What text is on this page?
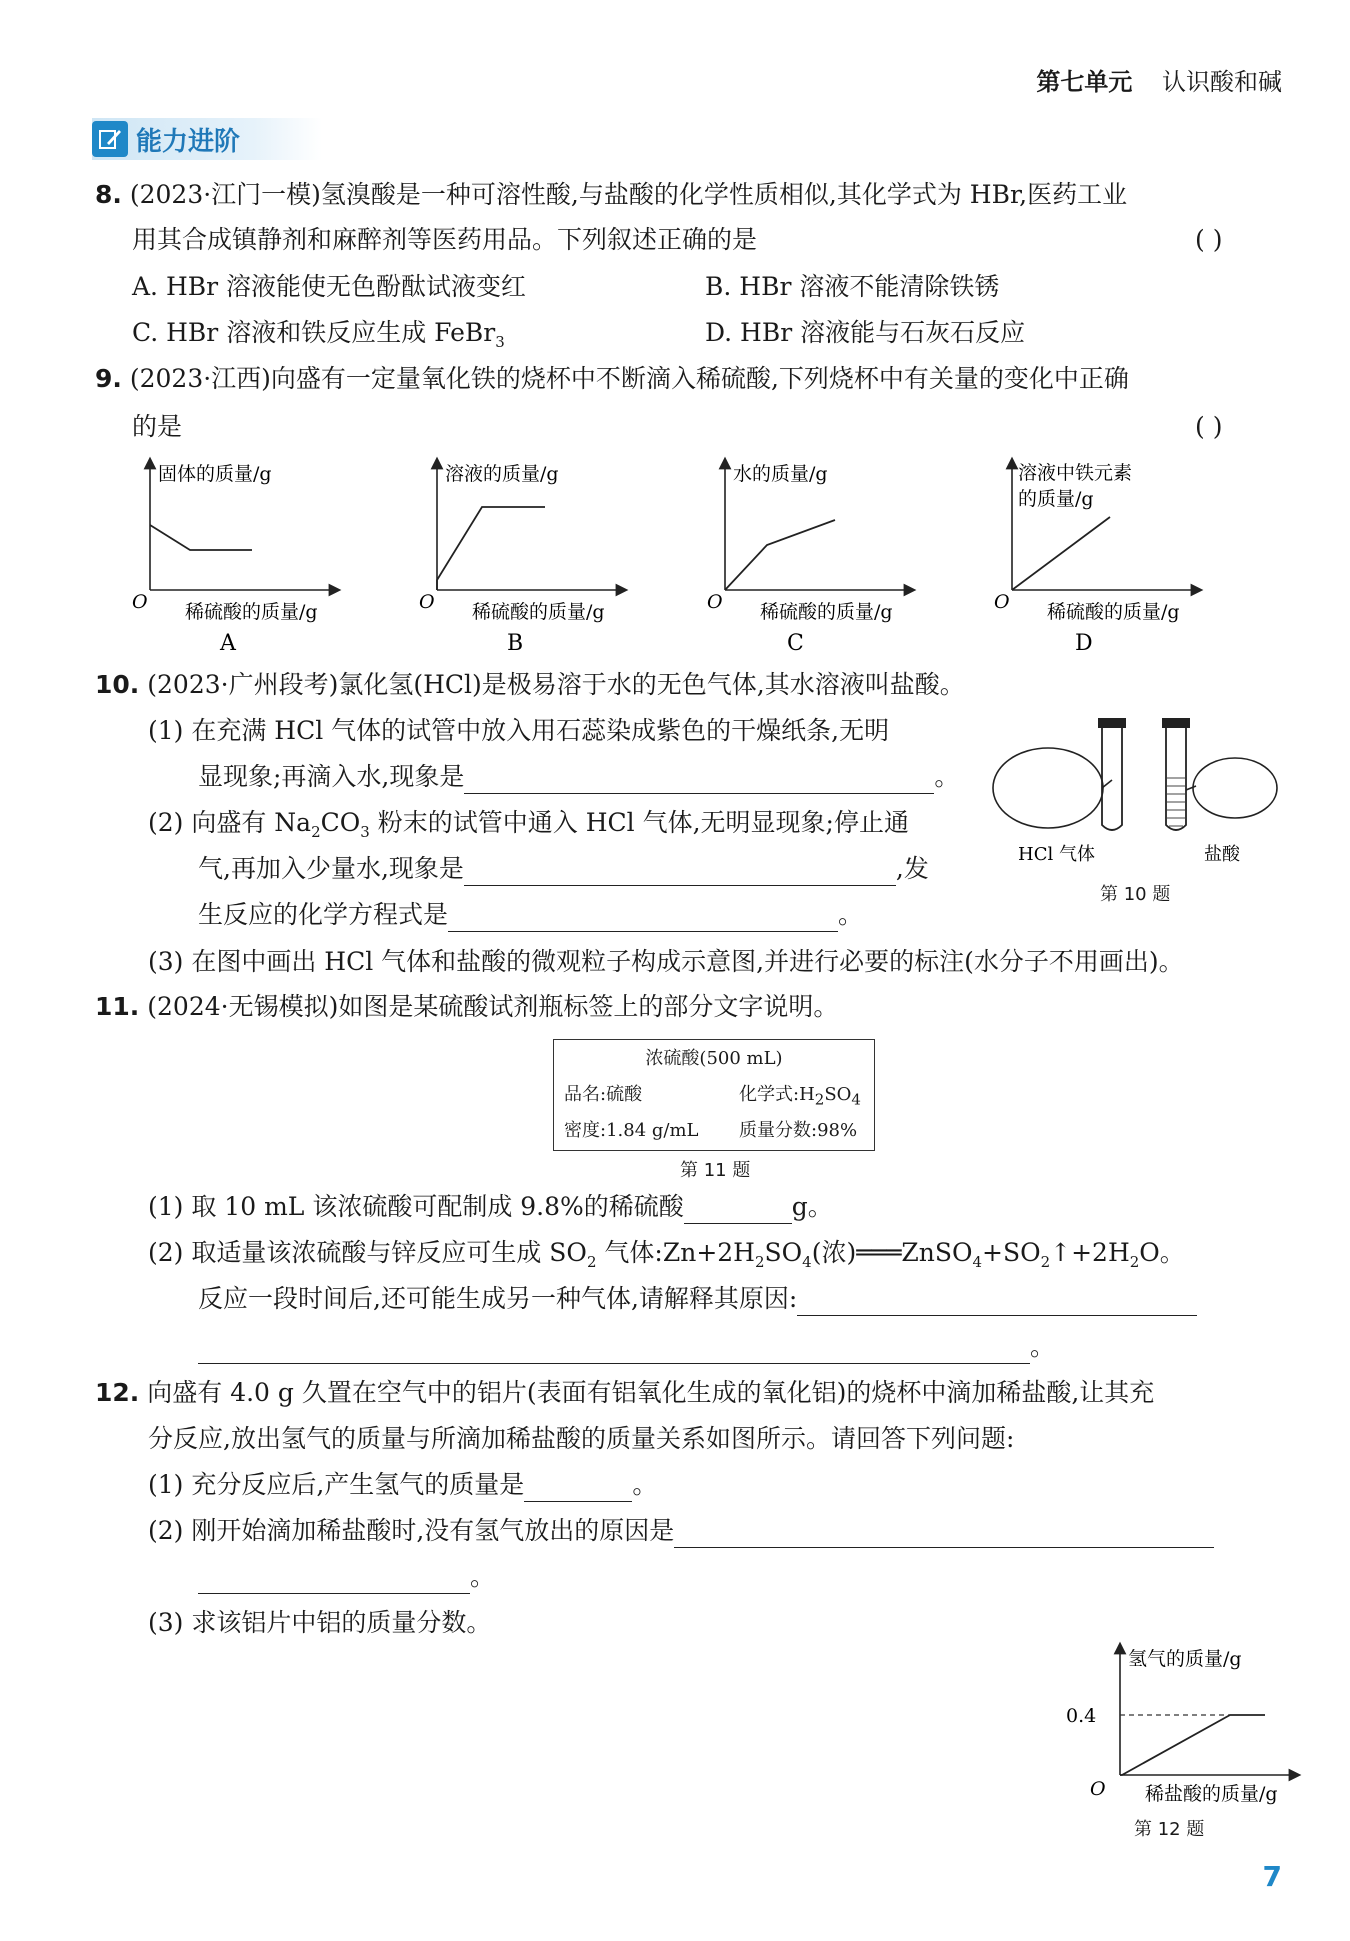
第七单元 认识酸和碱
能力进阶
8. (2023·江门一模)氢溴酸是一种可溶性酸,与盐酸的化学性质相似,其化学式为 HBr,医药工业
用其合成镇静剂和麻醉剂等医药用品。下列叙述正确的是	( )
A. HBr 溶液能使无色酚酞试液变红	B. HBr 溶液不能清除铁锈
C. HBr 溶液和铁反应生成 FeBr$_3$	D. HBr 溶液能与石灰石反应
9. (2023·江西)向盛有一定量氧化铁的烧杯中不断滴入稀硫酸,下列烧杯中有关量的变化中正确
的是	( )
固体的质量/g
O 稀硫酸的质量/g
A
溶液的质量/g
O 稀硫酸的质量/g
B
水的质量/g
O 稀硫酸的质量/g
C
溶液中铁元素
的质量/g
O 稀硫酸的质量/g
D
10. (2023·广州段考)氯化氢(HCl)是极易溶于水的无色气体,其水溶液叫盐酸。
(1) 在充满 HCl 气体的试管中放入用石蕊染成紫色的干燥纸条,无明
显现象;再滴入水,现象是	。
(2) 向盛有 $Na_2CO_3$ 粉末的试管中通入 HCl 气体,无明显现象;停止通
气,再加入少量水,现象是	,发
生反应的化学方程式是	。
(3) 在图中画出 HCl 气体和盐酸的微观粒子构成示意图,并进行必要的标注(水分子不用画出)。
HCl 气体	盐酸
第 10 题
11. (2024·无锡模拟)如图是某硫酸试剂瓶标签上的部分文字说明。
浓硫酸(500 mL)
品名:硫酸	化学式$:H_2SO_4$
密度:1.84 g/mL 质量分数:98%
第 11 题
(1) 取 10 mL 该浓硫酸可配制成 9.8%的稀硫酸	g。
(2) 取适量该浓硫酸与锌反应可生成 $SO_2$ 气体$:Zn+2H_2SO_4$(浓)$═══ZnSO_4+SO_2↑+2H_2O$。
反应一段时间后,还可能生成另一种气体,请解释其原因:
。
12. 向盛有 4.0 g 久置在空气中的铝片(表面有铝氧化生成的氧化铝)的烧杯中滴加稀盐酸,让其充
分反应,放出氢气的质量与所滴加稀盐酸的质量关系如图所示。请回答下列问题:
(1) 充分反应后,产生氢气的质量是	。
(2) 刚开始滴加稀盐酸时,没有氢气放出的原因是
。
(3) 求该铝片中铝的质量分数。
氢气的质量/g
0.4
O 稀盐酸的质量/g
第 12 题
7
